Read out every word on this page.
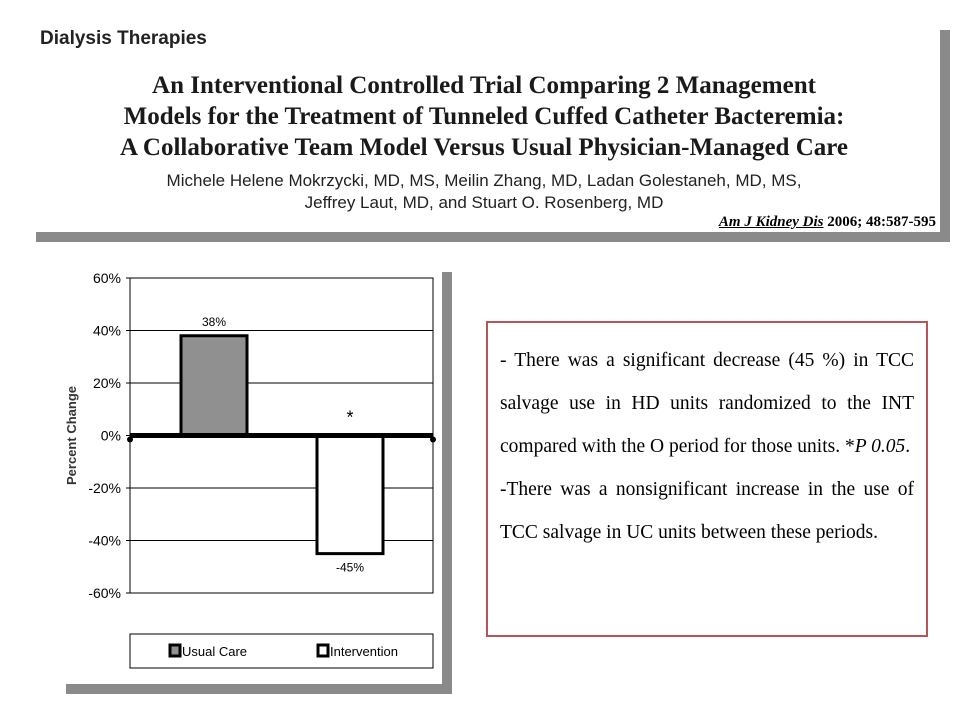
Dialysis Therapies
An Interventional Controlled Trial Comparing 2 Management
Models for the Treatment of Tunneled Cuffed Catheter Bacteremia:
A Collaborative Team Model Versus Usual Physician-Managed Care
Michele Helene Mokrzycki, MD, MS, Meilin Zhang, MD, Ladan Golestaneh, MD, MS,
Jeffrey Laut, MD, and Stuart O. Rosenberg, MD
Am J Kidney Dis 2006; 48:587-595
60%
40%
20%
0%
-20%
-40%
-60%
Percent Change
38%
-45%
*
Usual Care	Intervention

- There was a significant decrease (45 %) in TCC salvage use in HD units randomized to the INT compared with the O period for those units. *P 0.05.

-There was a nonsignificant increase in the use of TCC salvage in UC units between these periods.
